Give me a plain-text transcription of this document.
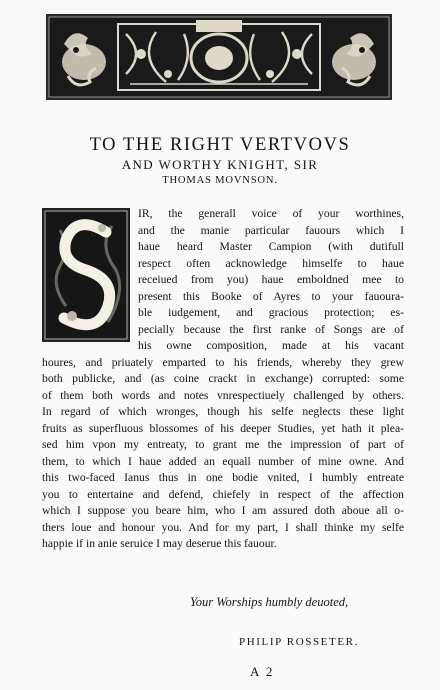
TO THE RIGHT VERTVOVS

AND WORTHY KNIGHT, SIR

THOMAS MOVNSON.

IR, the generall voice of your worthines,
and the manie particular fauours which I
haue heard Master Campion (with dutifull
respect often acknowledge himselfe to haue
receiued from you) haue emboldned mee to
present this Booke of Ayres to your fauoura-
ble iudgement, and gracious protection; es-
pecially because the first ranke of Songs are of
his owne composition, made at his vacant
houres, and priuately emparted to his friends, whereby they grew
both publicke, and (as coine crackt in exchange) corrupted: some
of them both words and notes vnrespectiuely challenged by others.
In regard of which wronges, though his selfe neglects these light
fruits as superfluous blossomes of his deeper Studies, yet hath it plea-
sed him vpon my entreaty, to grant me the impression of part of
them, to which I haue added an equall number of mine owne. And
this two-faced Ianus thus in one bodie vnited, I humbly entreate
you to entertaine and defend, chiefely in respect of the affection
which I suppose you beare him, who I am assured doth aboue all o-
thers loue and honour you. And for my part, I shall thinke my selfe
happie if in anie seruice I may deserue this fauour.
Your Worships humbly deuoted,
PHILIP ROSSETER.
A 2
